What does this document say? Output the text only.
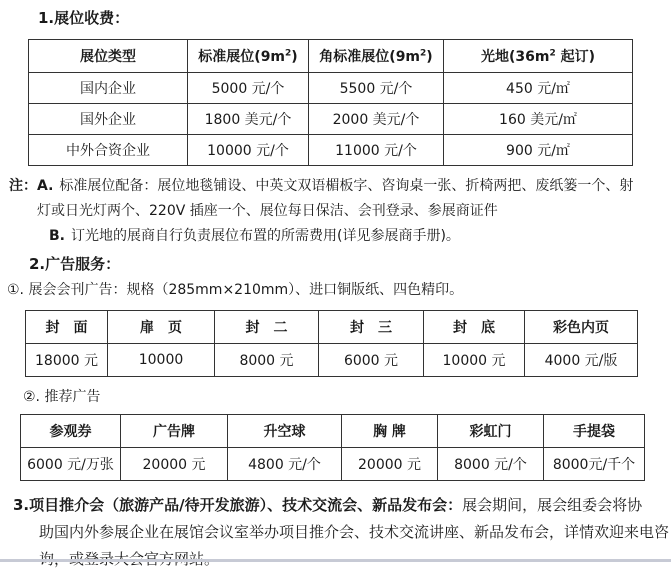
1.展位收费：
展位类型	标准展位$(9m^2)$	角标准展位$(9m^2)$	光地($36m^2$ 起订)
国内企业	5000 元/个	5500 元/个	450 元/㎡
国外企业	1800 美元/个	2000 美元/个	160 美元/㎡
中外合资企业	10000 元/个	11000 元/个	900 元/㎡
注：A. 标准展位配备：展位地毯铺设、中英文双语楣板字、咨询桌一张、折椅两把、废纸篓一个、射
灯或日光灯两个、220V 插座一个、展位每日保洁、会刊登录、参展商证件
B. 订光地的展商自行负责展位布置的所需费用(详见参展商手册)。
2.广告服务：
①. 展会会刊广告：规格（285mm×210mm）、进口铜版纸、四色精印。
封　面	扉　页	封　二	封　三	封　底	彩色内页
18000 元	10000	8000 元	6000 元	10000 元	4000 元/版
②. 推荐广告
参观券	广告牌	升空球	胸 牌	彩虹门	手提袋
6000 元/万张	20000 元	4800 元/个	20000 元	8000 元/个	8000元/千个
3.项目推介会（旅游产品/待开发旅游）、技术交流会、新品发布会：展会期间，展会组委会将协
助国内外参展企业在展馆会议室举办项目推介会、技术交流讲座、新品发布会，详情欢迎来电咨
